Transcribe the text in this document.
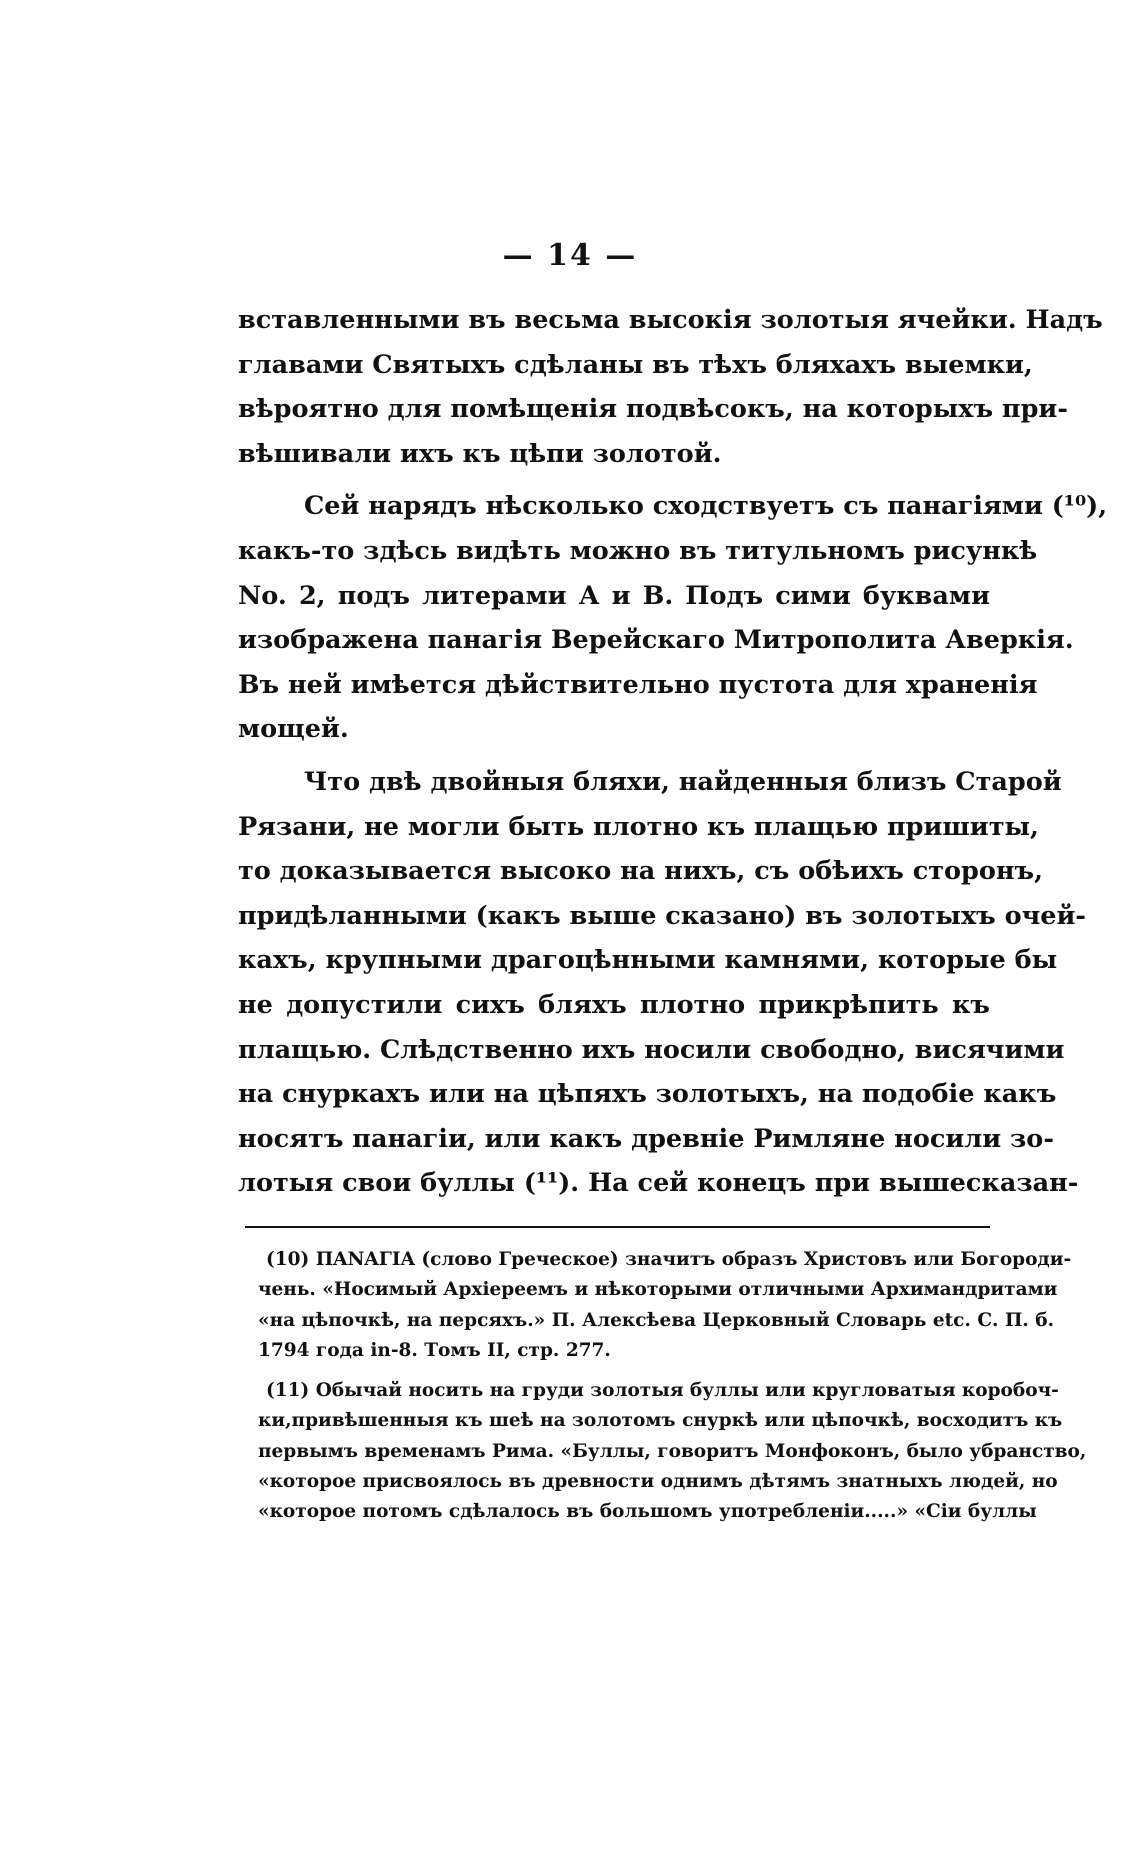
— 14 —
вставленными въ весьма высокія золотыя ячейки. Надъ
главами Святыхъ сдѣланы въ тѣхъ бляхахъ выемки,
вѣроятно для помѣщенія подвѣсокъ, на которыхъ при-
вѣшивали ихъ къ цѣпи золотой.
Сей нарядъ нѣсколько сходствуетъ съ панагіями (¹⁰),
какъ-то здѣсь видѣть можно въ титульномъ рисункѣ
No. 2, подъ литерами А и В. Подъ сими буквами
изображена панагія Верейскаго Митрополита Аверкія.
Въ ней имѣется дѣйствительно пустота для храненія
мощей.
Что двѣ двойныя бляхи, найденныя близъ Старой
Рязани, не могли быть плотно къ плащью пришиты,
то доказывается высоко на нихъ, съ обѣихъ сторонъ,
придѣланными (какъ выше сказано) въ золотыхъ очей-
кахъ, крупными драгоцѣнными камнями, которые бы
не допустили сихъ бляхъ плотно прикрѣпить къ
плащью. Слѣдственно ихъ носили свободно, висячими
на снуркахъ или на цѣпяхъ золотыхъ, на подобіе какъ
носятъ панагіи, или какъ древніе Римляне носили зо-
лотыя свои буллы (¹¹). На сей конецъ при вышесказан-
(10) ΠΑΝΑΓΙΑ (слово Греческое) значитъ образъ Христовъ или Богороди-
чень. «Носимый Архіереемъ и нѣкоторыми отличными Архимандритами
«на цѣпочкѣ, на персяхъ.» П. Алексѣева Церковный Словарь etc. С. П. б.
1794 года in-8. Томъ II, стр. 277.
(11) Обычай носить на груди золотыя буллы или кругловатыя коробоч-
ки,привѣшенныя къ шеѣ на золотомъ снуркѣ или цѣпочкѣ, восходитъ къ
первымъ временамъ Рима. «Буллы, говоритъ Монфоконъ, было убранство,
«которое присвоялось въ древности однимъ дѣтямъ знатныхъ людей, но
«которое потомъ сдѣлалось въ большомъ употребленіи.....» «Сіи буллы
